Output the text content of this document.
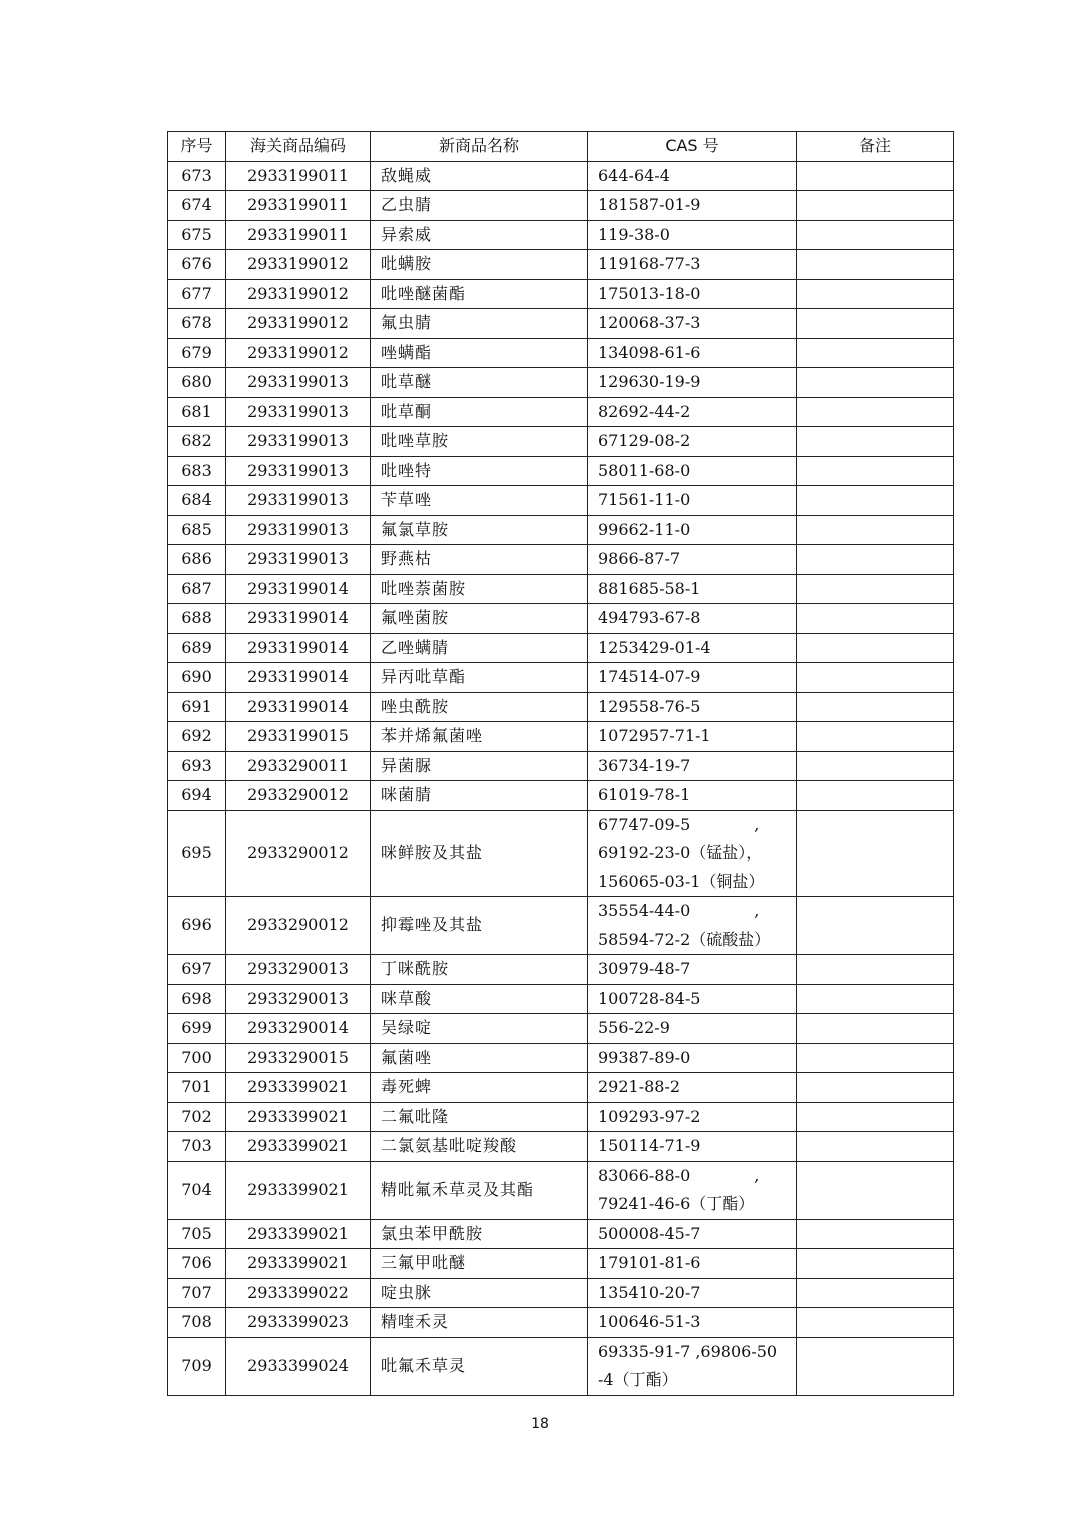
序号	海关商品编码	新商品名称	CAS 号	备注
673	2933199011	敌蝇威	644-64-4	

674	2933199011	乙虫腈	181587-01-9	

675	2933199011	异索威	119-38-0	

676	2933199012	吡螨胺	119168-77-3	

677	2933199012	吡唑醚菌酯	175013-18-0	

678	2933199012	氟虫腈	120068-37-3	

679	2933199012	唑螨酯	134098-61-6	

680	2933199013	吡草醚	129630-19-9	

681	2933199013	吡草酮	82692-44-2	

682	2933199013	吡唑草胺	67129-08-2	

683	2933199013	吡唑特	58011-68-0	

684	2933199013	苄草唑	71561-11-0	

685	2933199013	氟氯草胺	99662-11-0	

686	2933199013	野燕枯	9866-87-7	

687	2933199014	吡唑萘菌胺	881685-58-1	

688	2933199014	氟唑菌胺	494793-67-8	

689	2933199014	乙唑螨腈	1253429-01-4	

690	2933199014	异丙吡草酯	174514-07-9	

691	2933199014	唑虫酰胺	129558-76-5	

692	2933199015	苯并烯氟菌唑	1072957-71-1	

693	2933290011	异菌脲	36734-19-7	

694	2933290012	咪菌腈	61019-78-1	

695	2933290012	咪鲜胺及其盐	67747-09-5　　　　,
69192-23-0（锰盐），
156065-03-1（铜盐）	

696	2933290012	抑霉唑及其盐	35554-44-0　　　　,
58594-72-2（硫酸盐）	

697	2933290013	丁咪酰胺	30979-48-7	

698	2933290013	咪草酸	100728-84-5	

699	2933290014	吴绿啶	556-22-9	

700	2933290015	氟菌唑	99387-89-0	

701	2933399021	毒死蜱	2921-88-2	

702	2933399021	二氟吡隆	109293-97-2	

703	2933399021	二氯氨基吡啶羧酸	150114-71-9	

704	2933399021	精吡氟禾草灵及其酯	83066-88-0　　　　,
79241-46-6（丁酯）	

705	2933399021	氯虫苯甲酰胺	500008-45-7	

706	2933399021	三氟甲吡醚	179101-81-6	

707	2933399022	啶虫脒	135410-20-7	

708	2933399023	精喹禾灵	100646-51-3	

709	2933399024	吡氟禾草灵	69335-91-7 ,69806-50
-4（丁酯）	

18
